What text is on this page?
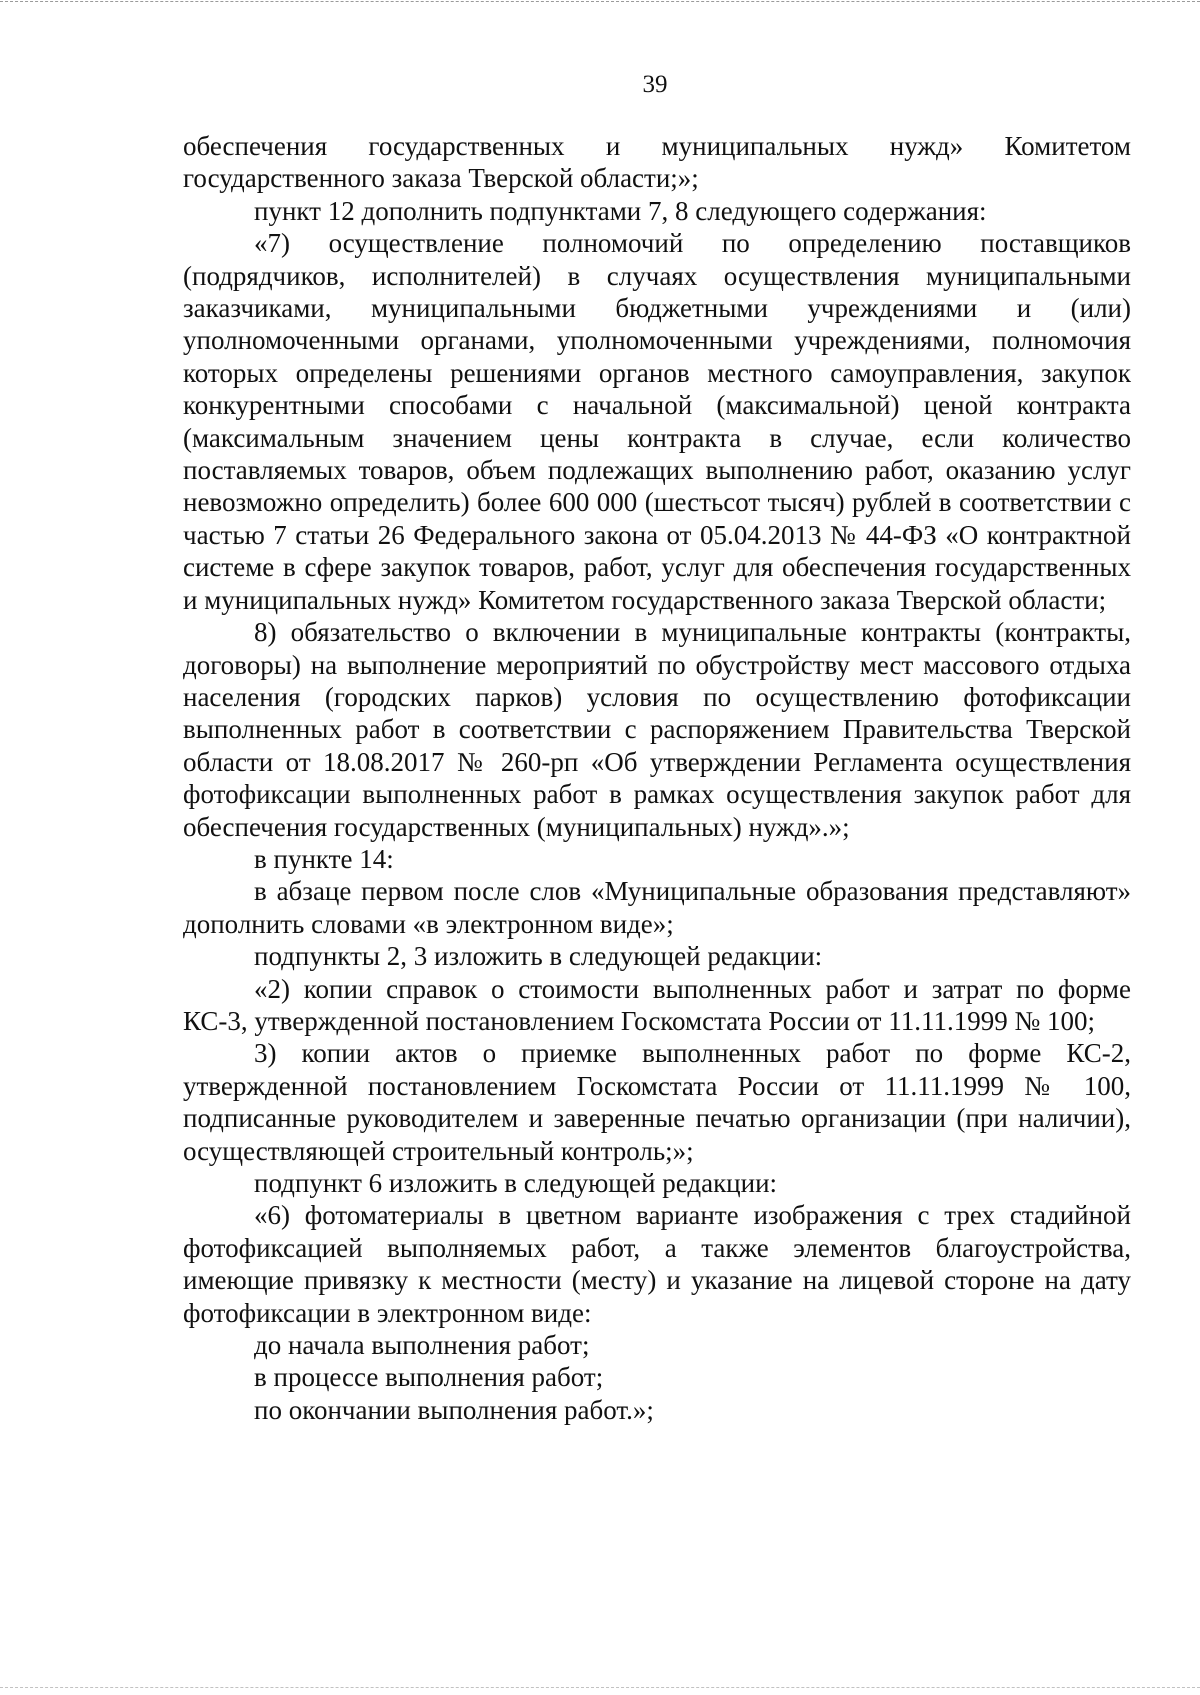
39

обеспечения государственных и муниципальных нужд» Комитетом государственного заказа Тверской области;»;

пункт 12 дополнить подпунктами 7, 8 следующего содержания:

«7) осуществление полномочий по определению поставщиков (подрядчиков, исполнителей) в случаях осуществления муниципальными заказчиками, муниципальными бюджетными учреждениями и (или) уполномоченными органами, уполномоченными учреждениями, полномочия которых определены решениями органов местного самоуправления, закупок конкурентными способами с начальной (максимальной) ценой контракта (максимальным значением цены контракта в случае, если количество поставляемых товаров, объем подлежащих выполнению работ, оказанию услуг невозможно определить) более 600 000 (шестьсот тысяч) рублей в соответствии с частью 7 статьи 26 Федерального закона от 05.04.2013 № 44-ФЗ «О контрактной системе в сфере закупок товаров, работ, услуг для обеспечения государственных и муниципальных нужд» Комитетом государственного заказа Тверской области;

8) обязательство о включении в муниципальные контракты (контракты, договоры) на выполнение мероприятий по обустройству мест массового отдыха населения (городских парков) условия по осуществлению фотофиксации выполненных работ в соответствии с распоряжением Правительства Тверской области от 18.08.2017 № 260-рп «Об утверждении Регламента осуществления фотофиксации выполненных работ в рамках осуществления закупок работ для обеспечения государственных (муниципальных) нужд».»;

в пункте 14:

в абзаце первом после слов «Муниципальные образования представляют» дополнить словами «в электронном виде»;

подпункты 2, 3 изложить в следующей редакции:

«2) копии справок о стоимости выполненных работ и затрат по форме КС-3, утвержденной постановлением Госкомстата России от 11.11.1999 № 100;

3) копии актов о приемке выполненных работ по форме КС-2, утвержденной постановлением Госкомстата России от 11.11.1999 № 100, подписанные руководителем и заверенные печатью организации (при наличии), осуществляющей строительный контроль;»;

подпункт 6 изложить в следующей редакции:

«6) фотоматериалы в цветном варианте изображения с трех стадийной фотофиксацией выполняемых работ, а также элементов благоустройства, имеющие привязку к местности (месту) и указание на лицевой стороне на дату фотофиксации в электронном виде:

до начала выполнения работ;

в процессе выполнения работ;

по окончании выполнения работ.»;
